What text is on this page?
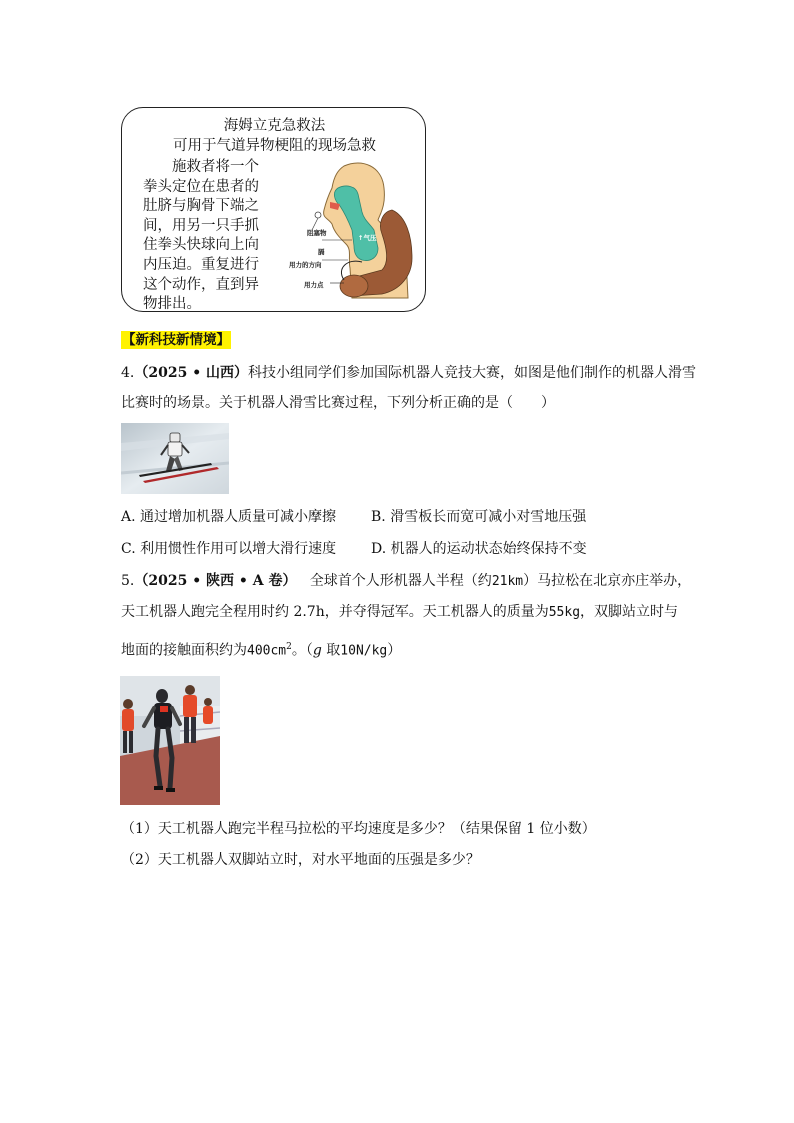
海姆立克急救法
可用于气道异物梗阻的现场急救
施救者将一个
拳头定位在患者的
肚脐与胸骨下端之
间，用另一只手抓
住拳头快球向上向
内压迫。重复进行
这个动作，直到异
物排出。
阻塞物
↑气压
膈
用力的方向
用力点
【新科技新情境】
4.（2025 • 山西）科技小组同学们参加国际机器人竞技大赛，如图是他们制作的机器人滑雪
比赛时的场景。关于机器人滑雪比赛过程，下列分析正确的是（　　）
A. 通过增加机器人质量可减小摩擦 B. 滑雪板长而宽可减小对雪地压强
C. 利用惯性作用可以增大滑行速度 D. 机器人的运动状态始终保持不变
5.（2025 • 陕西 • A 卷） 全球首个人形机器人半程（约21km）马拉松在北京亦庄举办，
天工机器人跑完全程用时约 2.7h，并夺得冠军。天工机器人的质量为55kg，双脚站立时与
地面的接触面积约为$400cm^2$。（g 取10N/kg）
（1）天工机器人跑完半程马拉松的平均速度是多少？（结果保留 1 位小数）
（2）天工机器人双脚站立时，对水平地面的压强是多少？
